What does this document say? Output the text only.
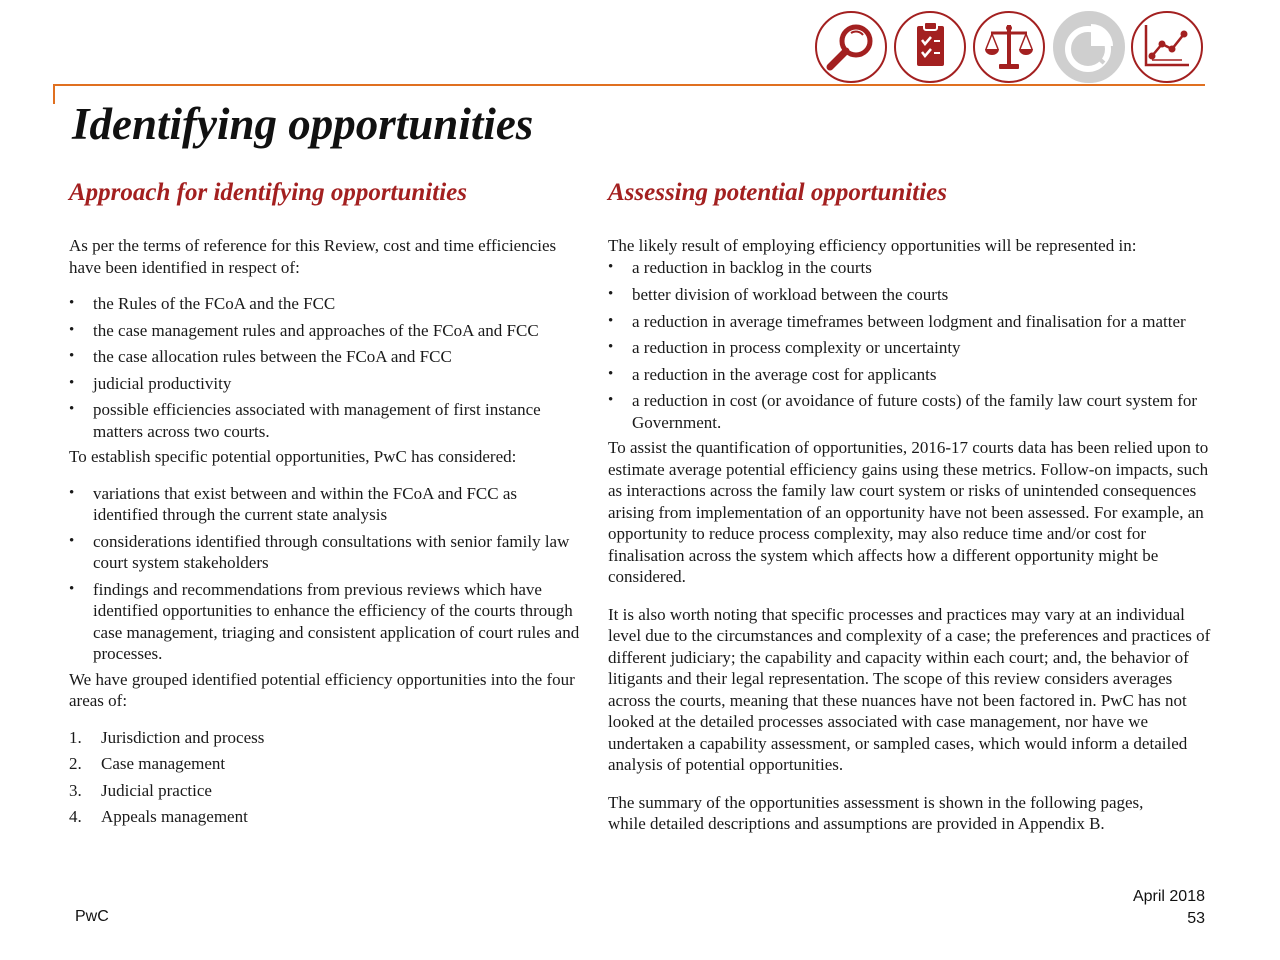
Identifying opportunities
Approach for identifying opportunities

As per the terms of reference for this Review, cost and time efficiencies have been identified in respect of:

• the Rules of the FCoA and the FCC
• the case management rules and approaches of the FCoA and FCC
• the case allocation rules between the FCoA and FCC
• judicial productivity
• possible efficiencies associated with management of first instance matters across two courts.

To establish specific potential opportunities, PwC has considered:

• variations that exist between and within the FCoA and FCC as identified through the current state analysis
• considerations identified through consultations with senior family law court system stakeholders
• findings and recommendations from previous reviews which have identified opportunities to enhance the efficiency of the courts through case management, triaging and consistent application of court rules and processes.

We have grouped identified potential efficiency opportunities into the four areas of:

1. Jurisdiction and process
2. Case management
3. Judicial practice
4. Appeals management
Assessing potential opportunities

The likely result of employing efficiency opportunities will be represented in:

• a reduction in backlog in the courts
• better division of workload between the courts
• a reduction in average timeframes between lodgment and finalisation for a matter
• a reduction in process complexity or uncertainty
• a reduction in the average cost for applicants
• a reduction in cost (or avoidance of future costs) of the family law court system for Government.

To assist the quantification of opportunities, 2016-17 courts data has been relied upon to estimate average potential efficiency gains using these metrics. Follow-on impacts, such as interactions across the family law court system or risks of unintended consequences arising from implementation of an opportunity have not been assessed. For example, an opportunity to reduce process complexity, may also reduce time and/or cost for finalisation across the system which affects how a different opportunity might be considered.

It is also worth noting that specific processes and practices may vary at an individual level due to the circumstances and complexity of a case; the preferences and practices of different judiciary; the capability and capacity within each court; and, the behavior of litigants and their legal representation. The scope of this review considers averages across the courts, meaning that these nuances have not been factored in. PwC has not looked at the detailed processes associated with case management, nor have we undertaken a capability assessment, or sampled cases, which would inform a detailed analysis of potential opportunities.

The summary of the opportunities assessment is shown in the following pages, while detailed descriptions and assumptions are provided in Appendix B.

PwC
April 2018
53
